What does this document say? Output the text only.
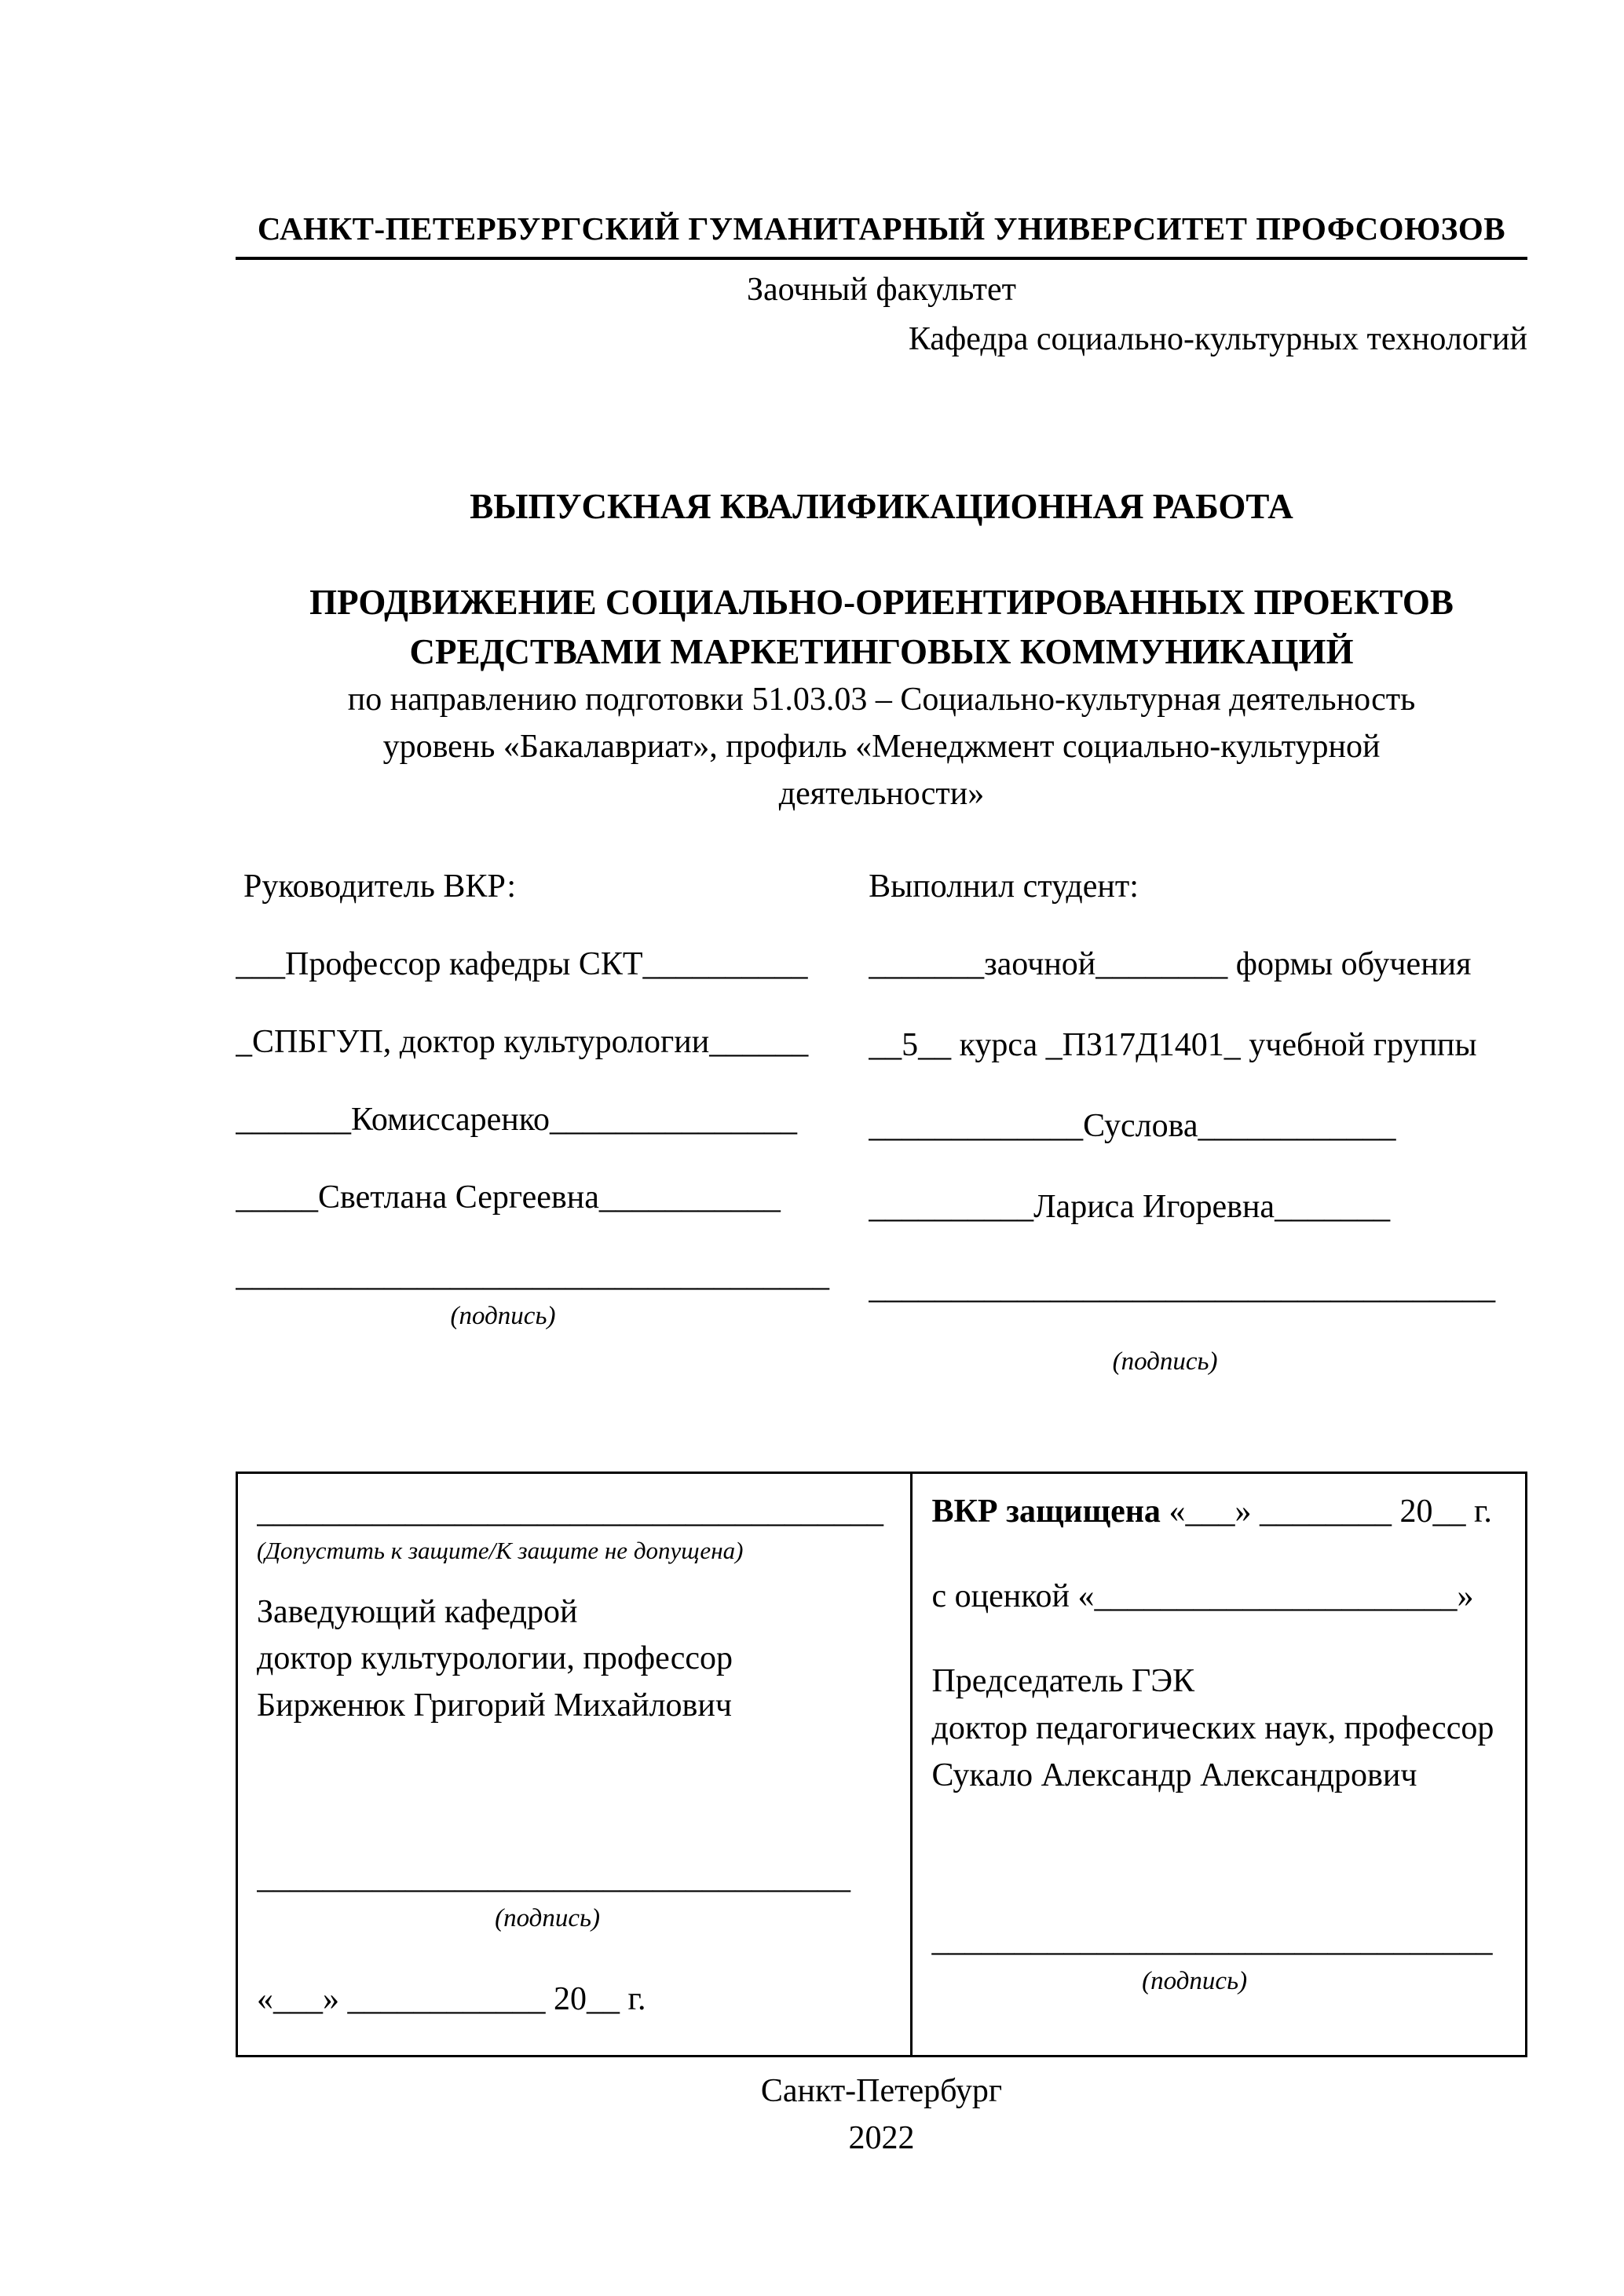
САНКТ-ПЕТЕРБУРГСКИЙ ГУМАНИТАРНЫЙ УНИВЕРСИТЕТ ПРОФСОЮЗОВ
Заочный факультет
Кафедра социально-культурных технологий
ВЫПУСКНАЯ КВАЛИФИКАЦИОННАЯ РАБОТА
ПРОДВИЖЕНИЕ СОЦИАЛЬНО-ОРИЕНТИРОВАННЫХ ПРОЕКТОВ
СРЕДСТВАМИ МАРКЕТИНГОВЫХ КОММУНИКАЦИЙ
по направлению подготовки 51.03.03 – Социально-культурная деятельность
уровень «Бакалавриат», профиль «Менеджмент социально-культурной
деятельности»
Руководитель ВКР:
___Профессор кафедры СКТ__________
_СПБГУП, доктор культурологии______
_______Комиссаренко_______________
_____Светлана Сергеевна___________
____________________________________
(подпись)
Выполнил студент:
_______заочной________ формы обучения
__5__ курса _ПЗ17Д1401_ учебной группы
_____________Суслова____________
__________Лариса Игоревна_______
______________________________________
(подпись)
______________________________________
(Допустить к защите/К защите не допущена)
Заведующий кафедрой
доктор культурологии, профессор
Бирженюк Григорий Михайлович
____________________________________
(подпись)
«___» ____________ 20__ г.

ВКР защищена «___» ________ 20__ г.
с оценкой «______________________»
Председатель ГЭК
доктор педагогических наук, профессор
Сукало Александр Александрович
__________________________________
(подпись)
Санкт-Петербург
2022
